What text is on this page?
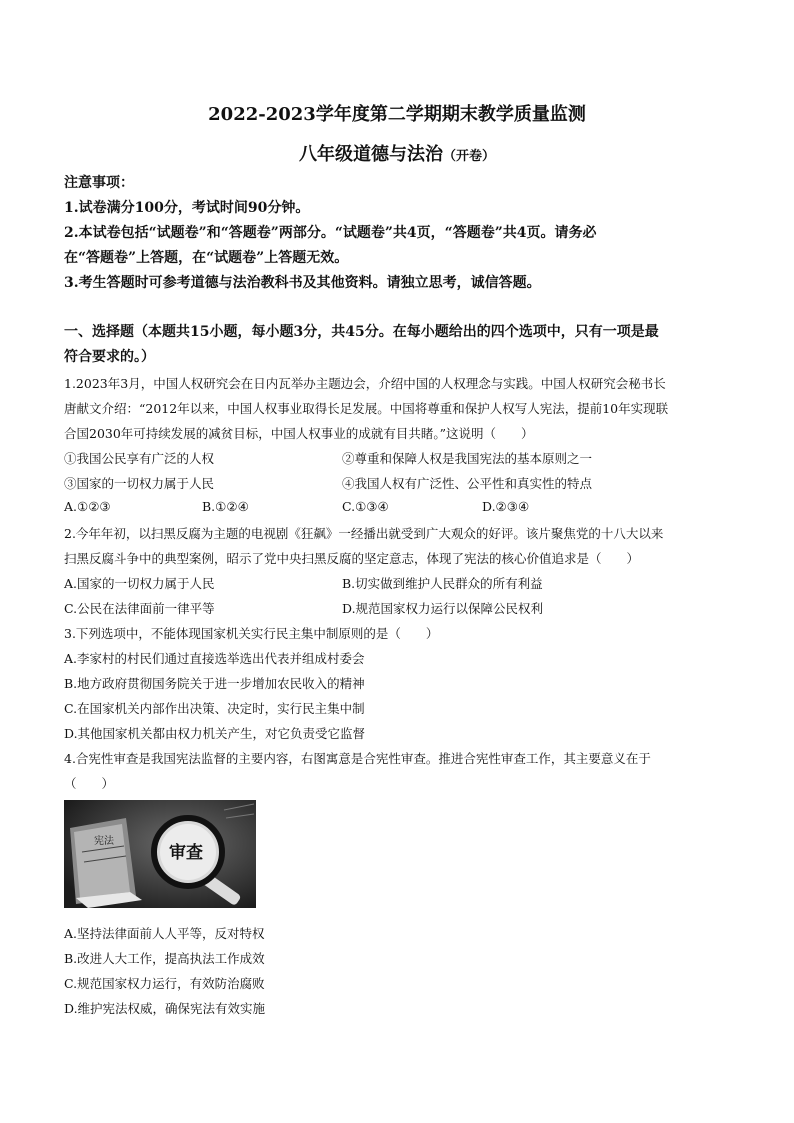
2022-2023学年度第二学期期末教学质量监测
八年级道德与法治（开卷）
注意事项：
1.试卷满分100分，考试时间90分钟。
2.本试卷包括“试题卷”和“答题卷”两部分。“试题卷”共4页，“答题卷”共4页。请务必
在“答题卷”上答题，在“试题卷”上答题无效。
3.考生答题时可参考道德与法治教科书及其他资料。请独立思考，诚信答题。
一、选择题（本题共15小题，每小题3分，共45分。在每小题给出的四个选项中，只有一项是最
符合要求的。）
1.2023年3月，中国人权研究会在日内瓦举办主题边会，介绍中国的人权理念与实践。中国人权研究会秘书长
唐献文介绍：“2012年以来，中国人权事业取得长足发展。中国将尊重和保护人权写人宪法，提前10年实现联
合国2030年可持续发展的减贫目标，中国人权事业的成就有目共睹。”这说明（　　）
①我国公民享有广泛的人权	②尊重和保障人权是我国宪法的基本原则之一
③国家的一切权力属于人民	④我国人权有广泛性、公平性和真实性的特点
A.①②③	B.①②④	C.①③④	D.②③④
2.今年年初，以扫黑反腐为主题的电视剧《狂飙》一经播出就受到广大观众的好评。该片聚焦党的十八大以来
扫黑反腐斗争中的典型案例，昭示了党中央扫黑反腐的坚定意志，体现了宪法的核心价值追求是（　　）
A.国家的一切权力属于人民	B.切实做到维护人民群众的所有利益
C.公民在法律面前一律平等	D.规范国家权力运行以保障公民权利
3.下列选项中，不能体现国家机关实行民主集中制原则的是（　　）
A.李家村的村民们通过直接选举选出代表并组成村委会
B.地方政府贯彻国务院关于进一步增加农民收入的精神
C.在国家机关内部作出决策、决定时，实行民主集中制
D.其他国家机关都由权力机关产生，对它负责受它监督
4.合宪性审查是我国宪法监督的主要内容，右图寓意是合宪性审查。推进合宪性审查工作，其主要意义在于
（　　）
宪法
审查
A.坚持法律面前人人平等，反对特权
B.改进人大工作，提高执法工作成效
C.规范国家权力运行，有效防治腐败
D.维护宪法权威，确保宪法有效实施
